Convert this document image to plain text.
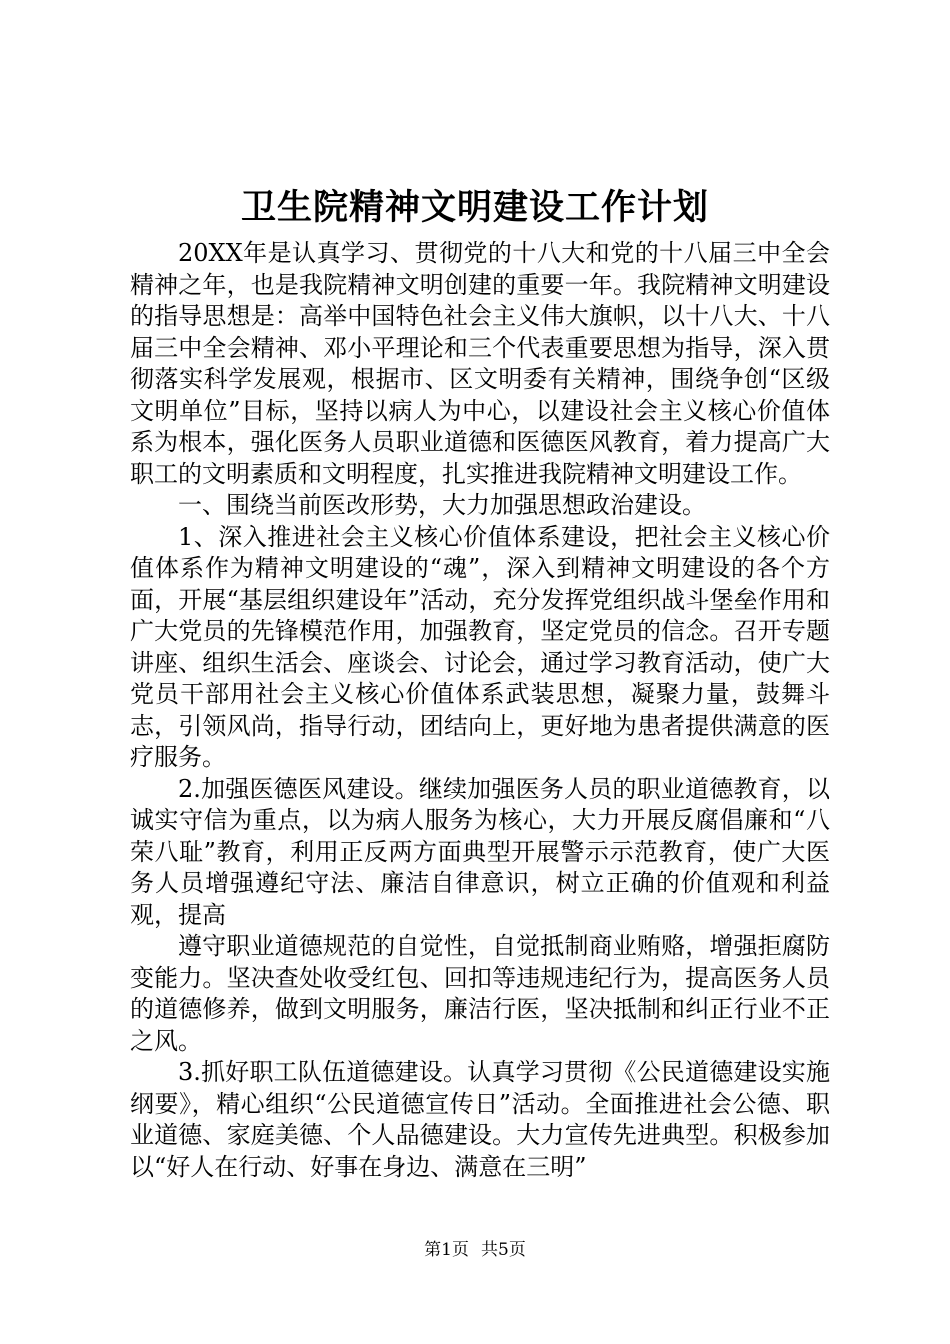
卫生院精神文明建设工作计划

20XX年是认真学习、贯彻党的十八大和党的十八届三中全会精神之年，也是我院精神文明创建的重要一年。我院精神文明建设的指导思想是：高举中国特色社会主义伟大旗帜，以十八大、十八届三中全会精神、邓小平理论和三个代表重要思想为指导，深入贯彻落实科学发展观，根据市、区文明委有关精神，围绕争创“区级文明单位”目标，坚持以病人为中心，以建设社会主义核心价值体系为根本，强化医务人员职业道德和医德医风教育，着力提高广大职工的文明素质和文明程度，扎实推进我院精神文明建设工作。

一、围绕当前医改形势，大力加强思想政治建设。

1、深入推进社会主义核心价值体系建设，把社会主义核心价值体系作为精神文明建设的“魂”，深入到精神文明建设的各个方面，开展“基层组织建设年”活动，充分发挥党组织战斗堡垒作用和广大党员的先锋模范作用，加强教育，坚定党员的信念。召开专题讲座、组织生活会、座谈会、讨论会，通过学习教育活动，使广大党员干部用社会主义核心价值体系武装思想，凝聚力量，鼓舞斗志，引领风尚，指导行动，团结向上，更好地为患者提供满意的医疗服务。

2.加强医德医风建设。继续加强医务人员的职业道德教育，以诚实守信为重点，以为病人服务为核心，大力开展反腐倡廉和“八荣八耻”教育，利用正反两方面典型开展警示示范教育，使广大医务人员增强遵纪守法、廉洁自律意识，树立正确的价值观和利益观，提高

遵守职业道德规范的自觉性，自觉抵制商业贿赂，增强拒腐防变能力。坚决查处收受红包、回扣等违规违纪行为，提高医务人员的道德修养，做到文明服务，廉洁行医，坚决抵制和纠正行业不正之风。

3.抓好职工队伍道德建设。认真学习贯彻《公民道德建设实施纲要》，精心组织“公民道德宣传日”活动。全面推进社会公德、职业道德、家庭美德、个人品德建设。大力宣传先进典型。积极参加以“好人在行动、好事在身边、满意在三明”

第1页 共5页
